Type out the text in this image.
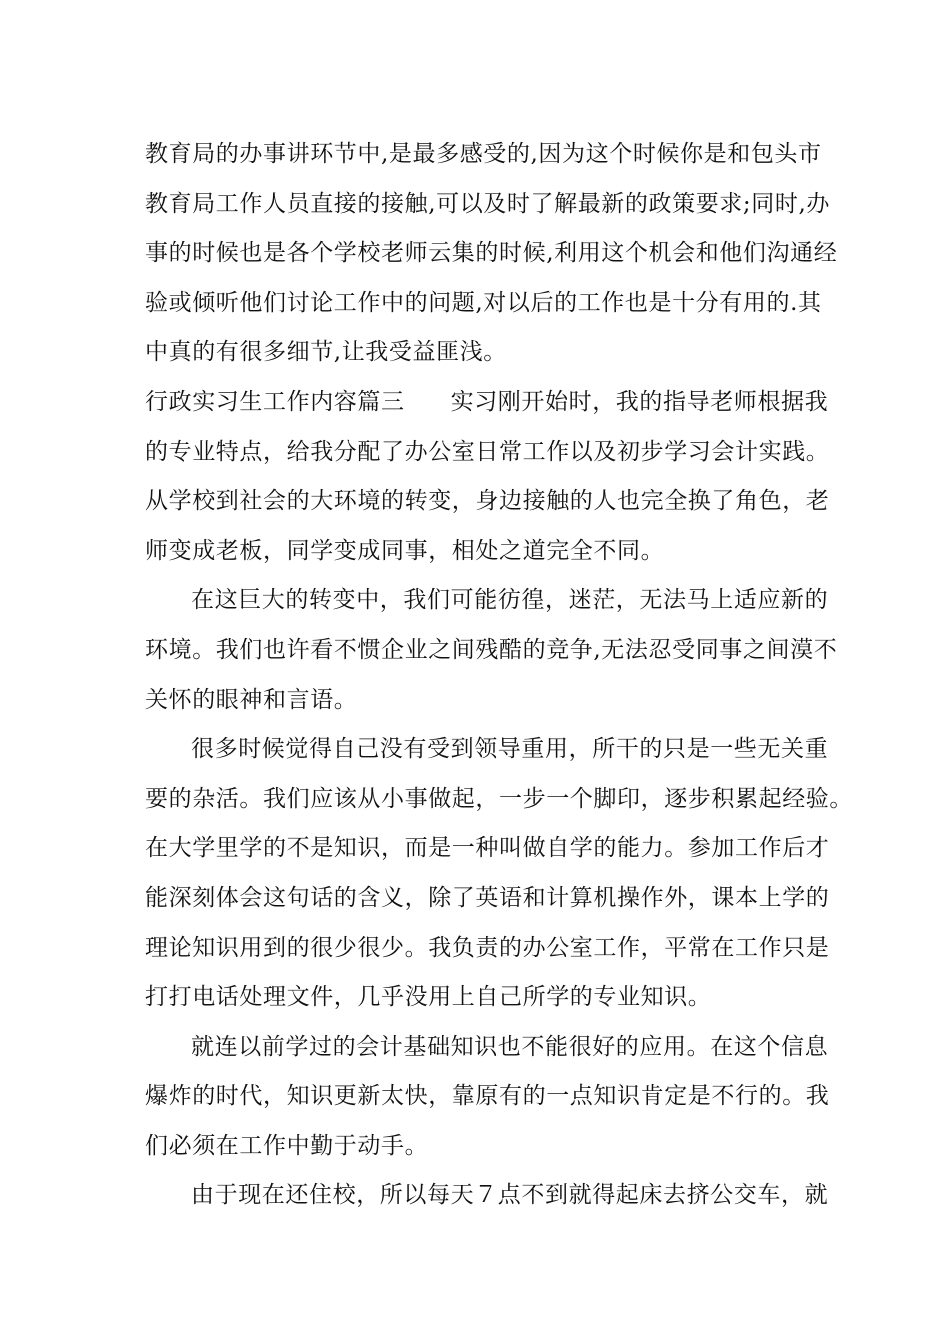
教育局的办事讲环节中,是最多感受的,因为这个时候你是和包头市
教育局工作人员直接的接触,可以及时了解最新的政策要求;同时,办
事的时候也是各个学校老师云集的时候,利用这个机会和他们沟通经
验或倾听他们讨论工作中的问题,对以后的工作也是十分有用的.其
中真的有很多细节,让我受益匪浅。
行政实习生工作内容篇三 实习刚开始时，我的指导老师根据我
的专业特点，给我分配了办公室日常工作以及初步学习会计实践。
从学校到社会的大环境的转变，身边接触的人也完全换了角色，老
师变成老板，同学变成同事，相处之道完全不同。
在这巨大的转变中，我们可能彷徨，迷茫，无法马上适应新的
环境。我们也许看不惯企业之间残酷的竞争,无法忍受同事之间漠不
关怀的眼神和言语。
很多时候觉得自己没有受到领导重用，所干的只是一些无关重
要的杂活。我们应该从小事做起，一步一个脚印，逐步积累起经验。
在大学里学的不是知识，而是一种叫做自学的能力。参加工作后才
能深刻体会这句话的含义，除了英语和计算机操作外，课本上学的
理论知识用到的很少很少。我负责的办公室工作，平常在工作只是
打打电话处理文件，几乎没用上自己所学的专业知识。
就连以前学过的会计基础知识也不能很好的应用。在这个信息
爆炸的时代，知识更新太快，靠原有的一点知识肯定是不行的。我
们必须在工作中勤于动手。
由于现在还住校，所以每天７点不到就得起床去挤公交车，就
